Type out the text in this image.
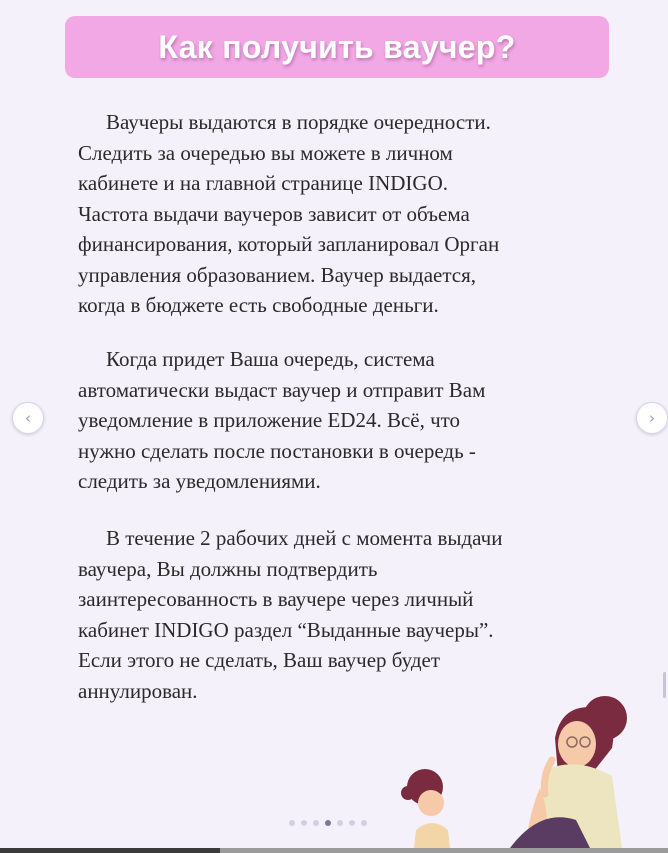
Как получить ваучер?
Ваучеры выдаются в порядке очередности.
Следить за очередью вы можете в личном
кабинете и на главной странице INDIGO.
Частота выдачи ваучеров зависит от объема
финансирования, который запланировал Орган
управления образованием. Ваучер выдается,
когда в бюджете есть свободные деньги.
Когда придет Ваша очередь, система
автоматически выдаст ваучер и отправит Вам
уведомление в приложение ED24. Всё, что
нужно сделать после постановки в очередь -
следить за уведомлениями.
В течение 2 рабочих дней с момента выдачи
ваучера, Вы должны подтвердить
заинтересованность в ваучере через личный
кабинет INDIGO раздел “Выданные ваучеры”.
Если этого не сделать, Ваш ваучер будет
аннулирован.
‹	›
